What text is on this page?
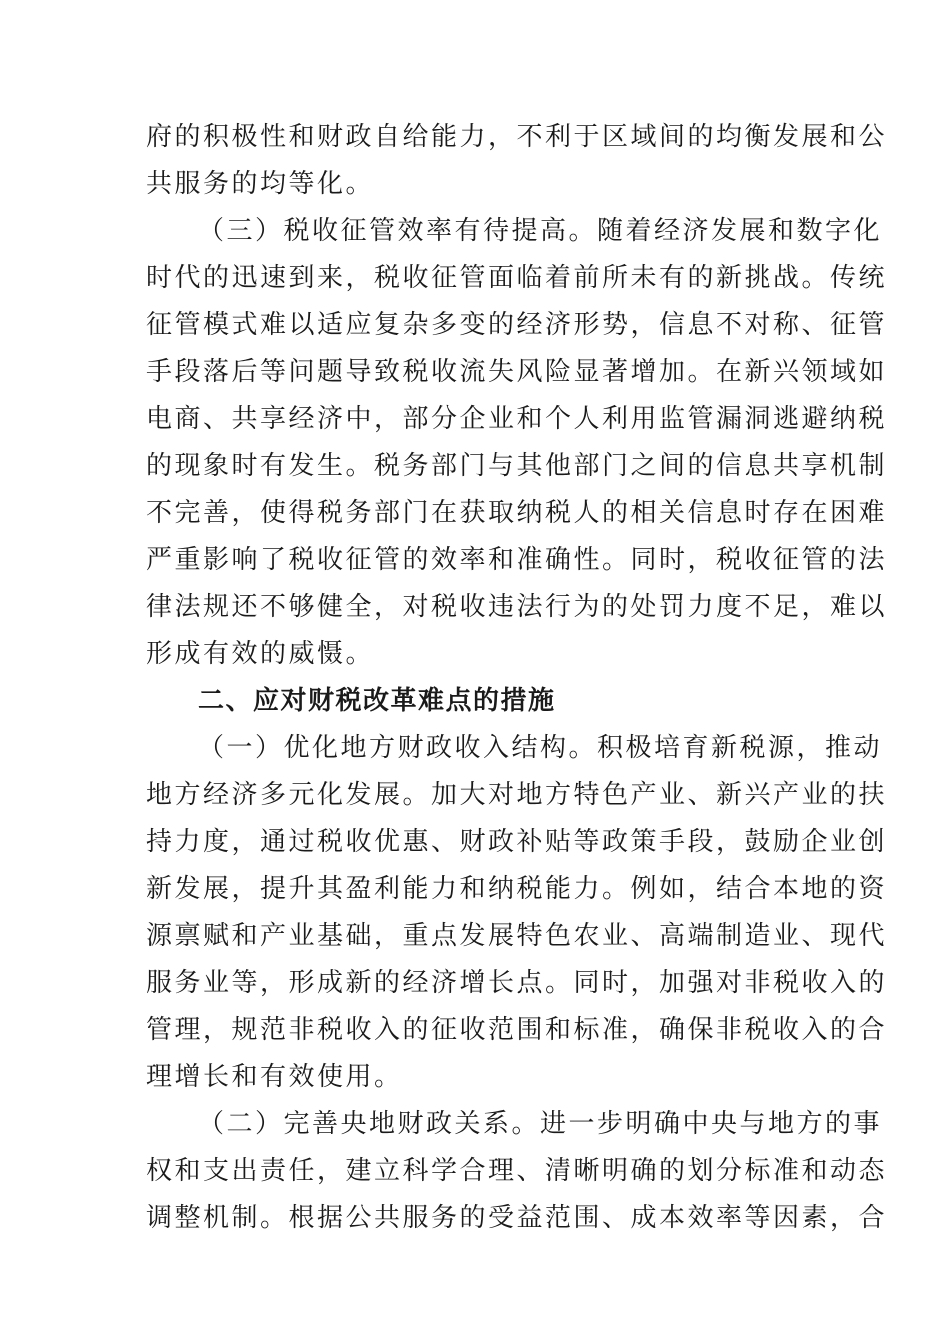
府的积极性和财政自给能力，不利于区域间的均衡发展和公
共服务的均等化。
（三）税收征管效率有待提高。随着经济发展和数字化
时代的迅速到来，税收征管面临着前所未有的新挑战。传统
征管模式难以适应复杂多变的经济形势，信息不对称、征管
手段落后等问题导致税收流失风险显著增加。在新兴领域如
电商、共享经济中，部分企业和个人利用监管漏洞逃避纳税
的现象时有发生。税务部门与其他部门之间的信息共享机制
不完善，使得税务部门在获取纳税人的相关信息时存在困难
严重影响了税收征管的效率和准确性。同时，税收征管的法
律法规还不够健全，对税收违法行为的处罚力度不足，难以
形成有效的威慑。
二、应对财税改革难点的措施
（一）优化地方财政收入结构。积极培育新税源，推动
地方经济多元化发展。加大对地方特色产业、新兴产业的扶
持力度，通过税收优惠、财政补贴等政策手段，鼓励企业创
新发展，提升其盈利能力和纳税能力。例如，结合本地的资
源禀赋和产业基础，重点发展特色农业、高端制造业、现代
服务业等，形成新的经济增长点。同时，加强对非税收入的
管理，规范非税收入的征收范围和标准，确保非税收入的合
理增长和有效使用。
（二）完善央地财政关系。进一步明确中央与地方的事
权和支出责任，建立科学合理、清晰明确的划分标准和动态
调整机制。根据公共服务的受益范围、成本效率等因素，合
